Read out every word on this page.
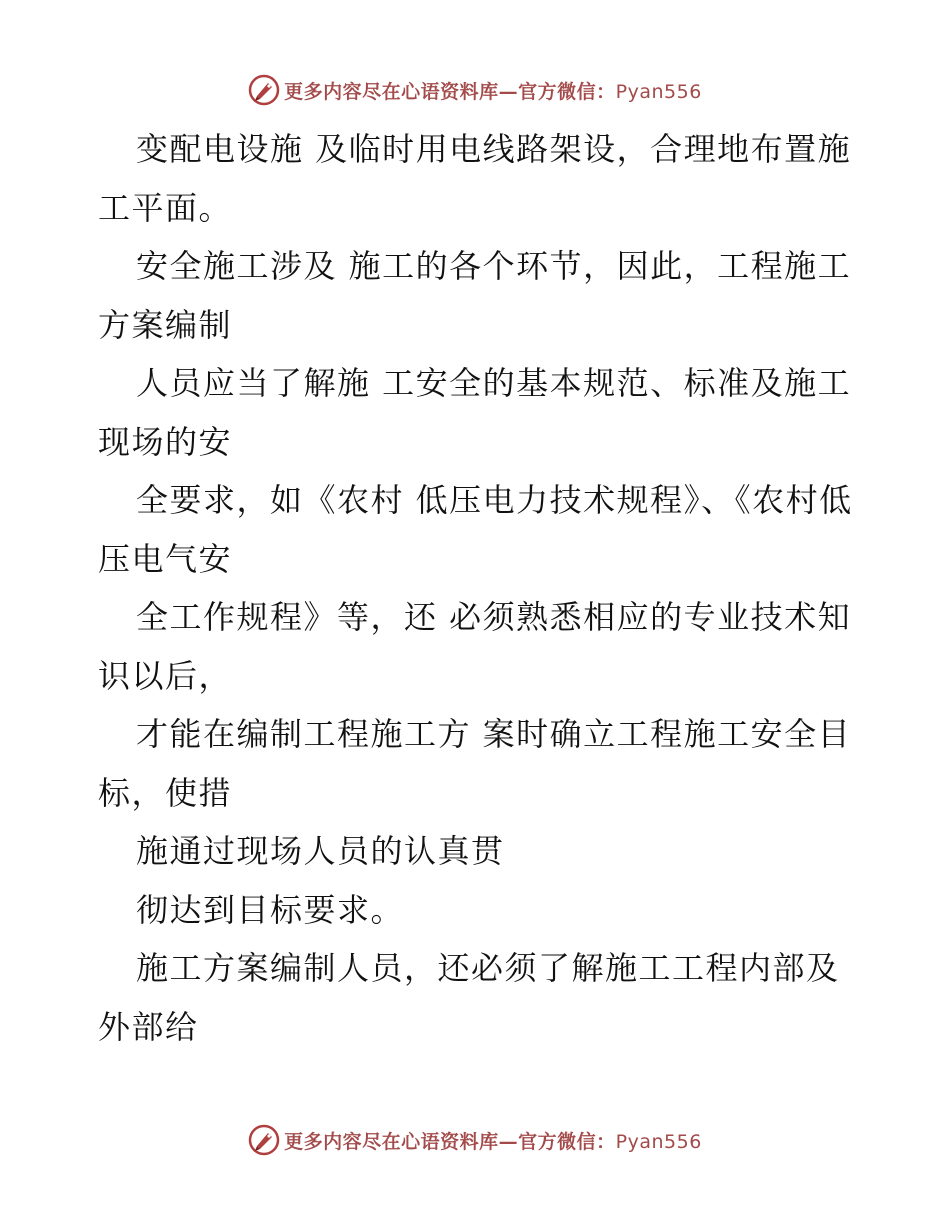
更多内容尽在心语资料库—官方微信：Pyan556

变配电设施 及临时用电线路架设，合理地布置施工平面。

安全施工涉及 施工的各个环节，因此，工程施工方案编制

人员应当了解施 工安全的基本规范、标准及施工现场的安

全要求，如《农村 低压电力技术规程》、《农村低压电气安

全工作规程》等，还 必须熟悉相应的专业技术知识以后，

才能在编制工程施工方 案时确立工程施工安全目标，使措

施通过现场人员的认真贯

彻达到目标要求。

施工方案编制人员，还必须了解施工工程内部及外部给

更多内容尽在心语资料库—官方微信：Pyan556
